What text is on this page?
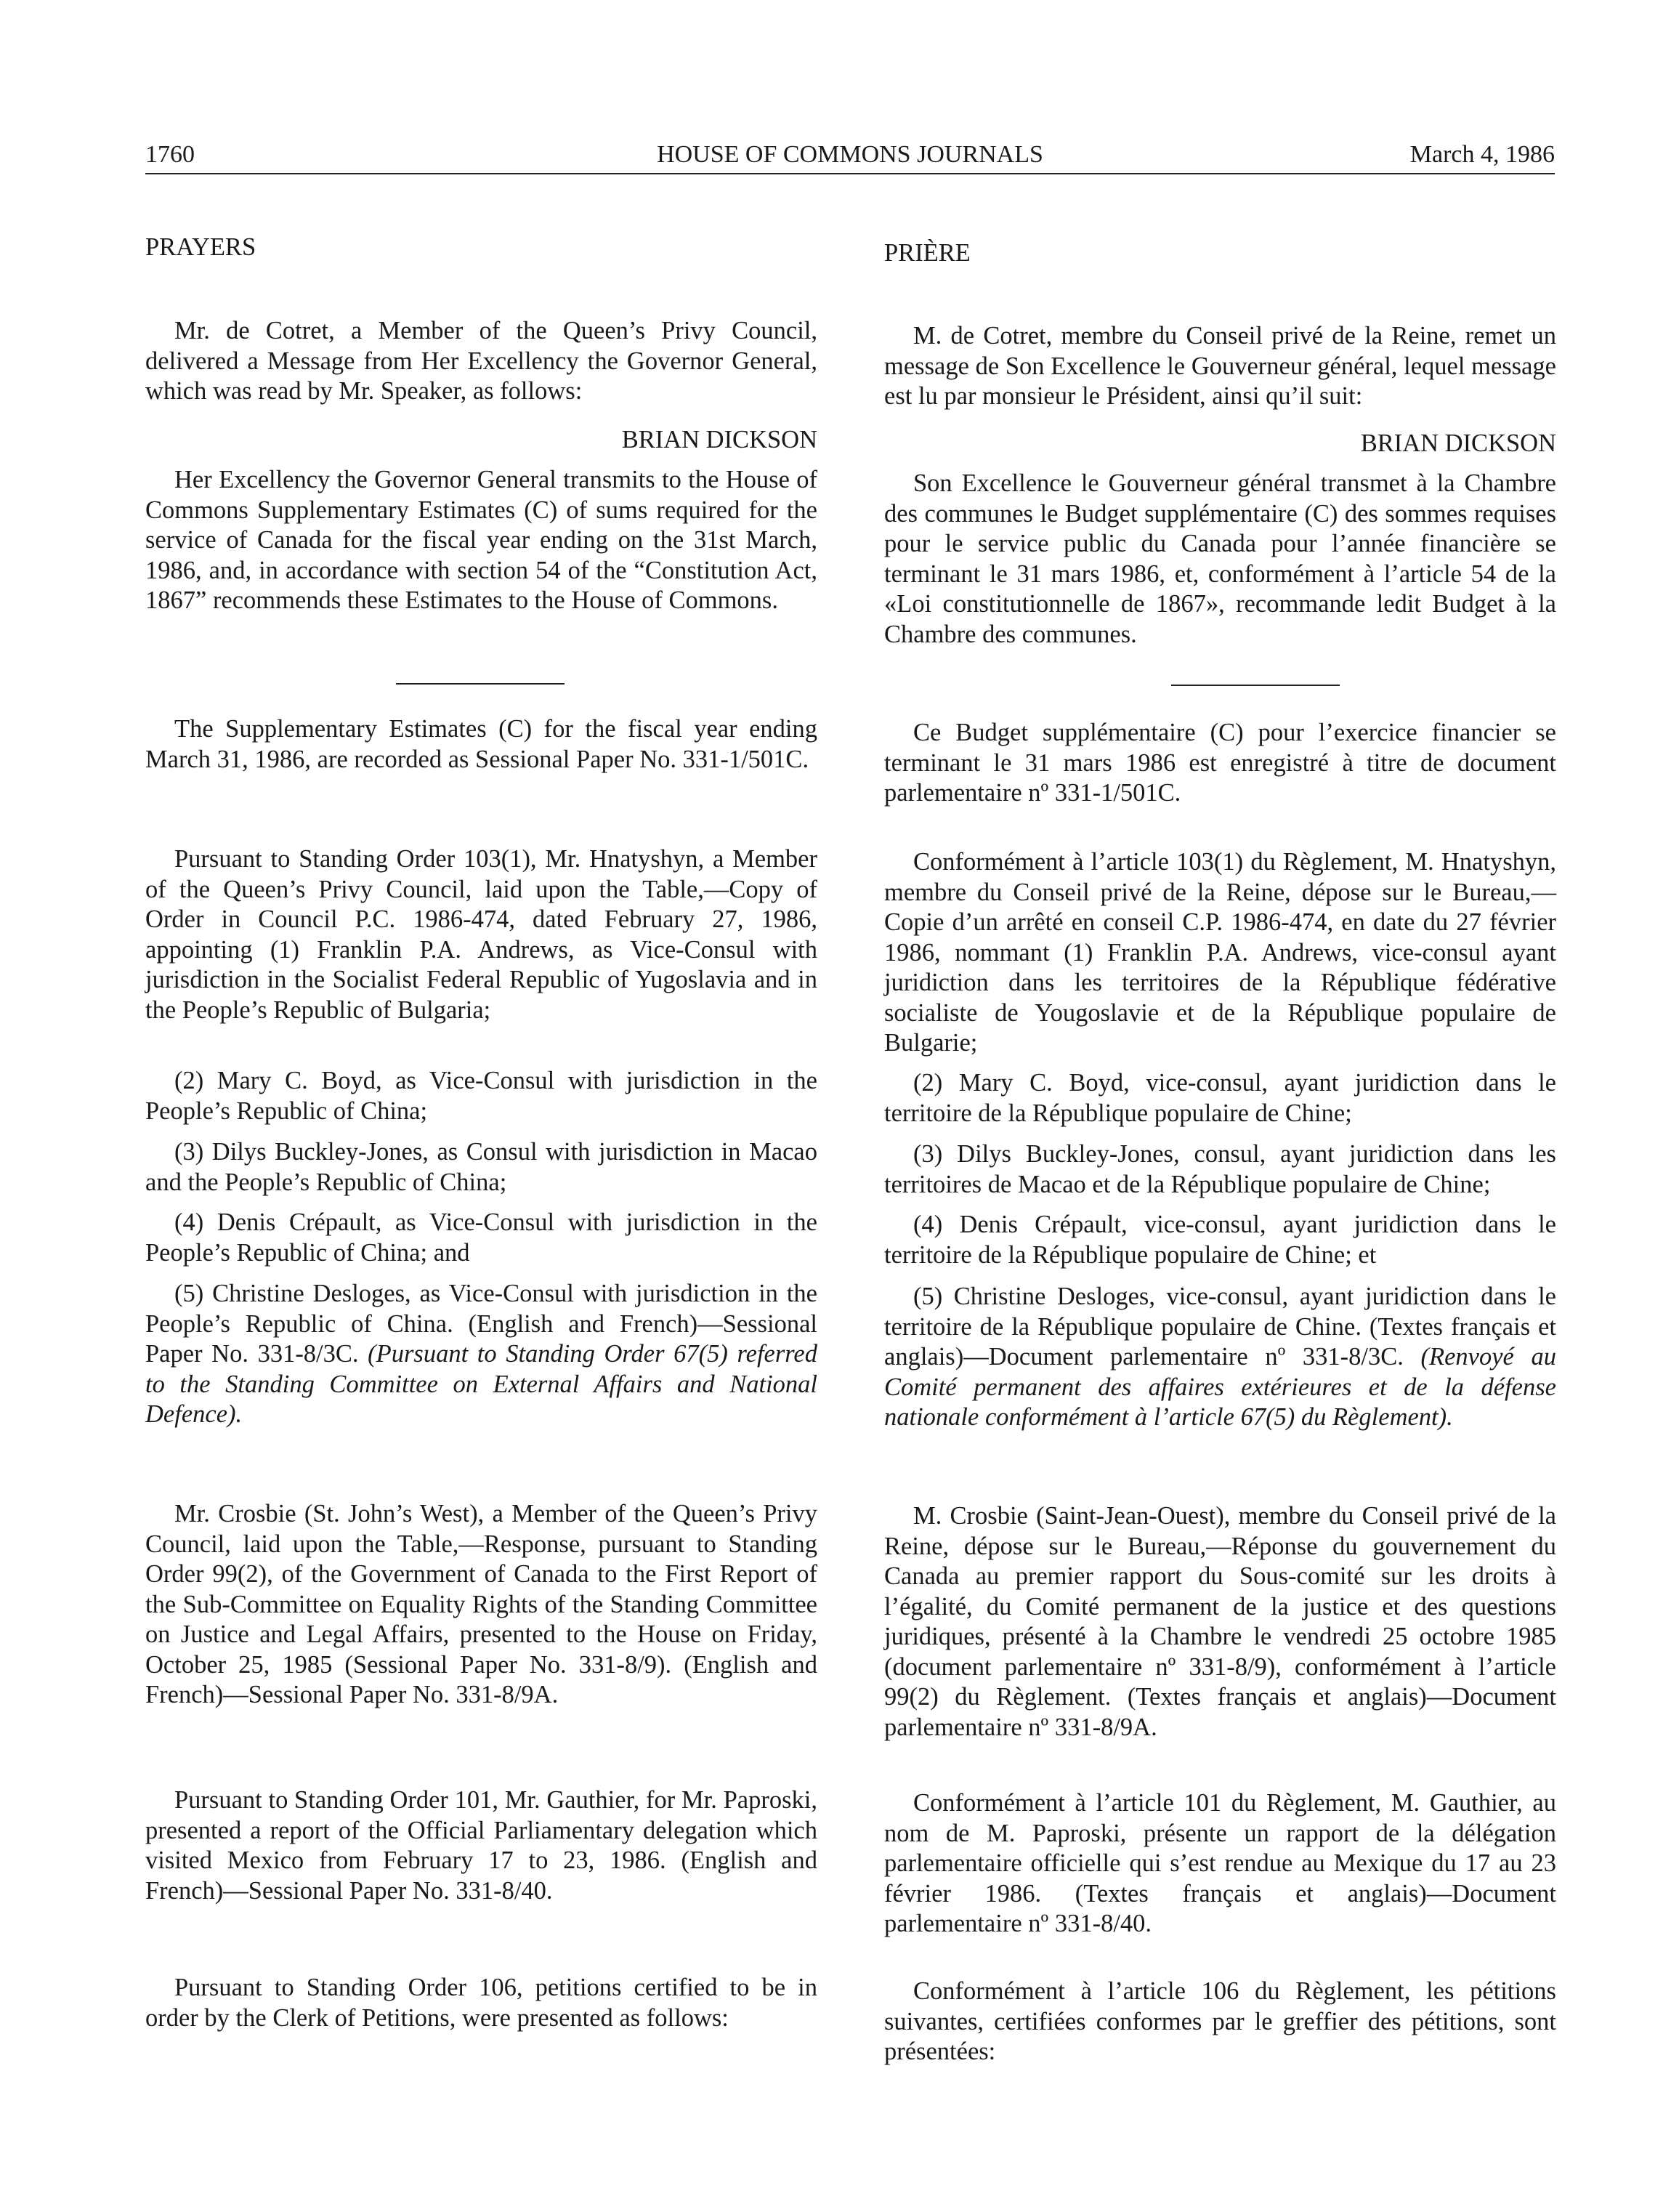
1760	HOUSE OF COMMONS JOURNALS	March 4, 1986

PRAYERS

Mr. de Cotret, a Member of the Queen’s Privy Council, delivered a Message from Her Excellency the Governor General, which was read by Mr. Speaker, as follows:

BRIAN DICKSON

Her Excellency the Governor General transmits to the House of Commons Supplementary Estimates (C) of sums required for the service of Canada for the fiscal year ending on the 31st March, 1986, and, in accordance with section 54 of the “Constitution Act, 1867” recommends these Estimates to the House of Commons.

The Supplementary Estimates (C) for the fiscal year ending March 31, 1986, are recorded as Sessional Paper No. 331-1/501C.

Pursuant to Standing Order 103(1), Mr. Hnatyshyn, a Member of the Queen’s Privy Council, laid upon the Table,—Copy of Order in Council P.C. 1986-474, dated February 27, 1986, appointing (1) Franklin P.A. Andrews, as Vice-Consul with jurisdiction in the Socialist Federal Republic of Yugoslavia and in the People’s Republic of Bulgaria;

(2) Mary C. Boyd, as Vice-Consul with jurisdiction in the People’s Republic of China;

(3) Dilys Buckley-Jones, as Consul with jurisdiction in Macao and the People’s Republic of China;

(4) Denis Crépault, as Vice-Consul with jurisdiction in the People’s Republic of China; and

(5) Christine Desloges, as Vice-Consul with jurisdiction in the People’s Republic of China. (English and French)—Sessional Paper No. 331-8/3C. (Pursuant to Standing Order 67(5) referred to the Standing Committee on External Affairs and National Defence).

Mr. Crosbie (St. John’s West), a Member of the Queen’s Privy Council, laid upon the Table,—Response, pursuant to Standing Order 99(2), of the Government of Canada to the First Report of the Sub-Committee on Equality Rights of the Standing Committee on Justice and Legal Affairs, presented to the House on Friday, October 25, 1985 (Sessional Paper No. 331-8/9). (English and French)—Sessional Paper No. 331-8/9A.

Pursuant to Standing Order 101, Mr. Gauthier, for Mr. Paproski, presented a report of the Official Parliamentary delegation which visited Mexico from February 17 to 23, 1986. (English and French)—Sessional Paper No. 331-8/40.

Pursuant to Standing Order 106, petitions certified to be in order by the Clerk of Petitions, were presented as follows:

PRIÈRE

M. de Cotret, membre du Conseil privé de la Reine, remet un message de Son Excellence le Gouverneur général, lequel message est lu par monsieur le Président, ainsi qu’il suit:

BRIAN DICKSON

Son Excellence le Gouverneur général transmet à la Chambre des communes le Budget supplémentaire (C) des sommes requises pour le service public du Canada pour l’année financière se terminant le 31 mars 1986, et, conformément à l’article 54 de la «Loi constitutionnelle de 1867», recommande ledit Budget à la Chambre des communes.

Ce Budget supplémentaire (C) pour l’exercice financier se terminant le 31 mars 1986 est enregistré à titre de document parlementaire nº 331-1/501C.

Conformément à l’article 103(1) du Règlement, M. Hnatyshyn, membre du Conseil privé de la Reine, dépose sur le Bureau,—Copie d’un arrêté en conseil C.P. 1986-474, en date du 27 février 1986, nommant (1) Franklin P.A. Andrews, vice-consul ayant juridiction dans les territoires de la République fédérative socialiste de Yougoslavie et de la République populaire de Bulgarie;

(2) Mary C. Boyd, vice-consul, ayant juridiction dans le territoire de la République populaire de Chine;

(3) Dilys Buckley-Jones, consul, ayant juridiction dans les territoires de Macao et de la République populaire de Chine;

(4) Denis Crépault, vice-consul, ayant juridiction dans le territoire de la République populaire de Chine; et

(5) Christine Desloges, vice-consul, ayant juridiction dans le territoire de la République populaire de Chine. (Textes français et anglais)—Document parlementaire nº 331-8/3C. (Renvoyé au Comité permanent des affaires extérieures et de la défense nationale conformément à l’article 67(5) du Règlement).

M. Crosbie (Saint-Jean-Ouest), membre du Conseil privé de la Reine, dépose sur le Bureau,—Réponse du gouvernement du Canada au premier rapport du Sous-comité sur les droits à l’égalité, du Comité permanent de la justice et des questions juridiques, présenté à la Chambre le vendredi 25 octobre 1985 (document parlementaire nº 331-8/9), conformément à l’article 99(2) du Règlement. (Textes français et anglais)—Document parlementaire nº 331-8/9A.

Conformément à l’article 101 du Règlement, M. Gauthier, au nom de M. Paproski, présente un rapport de la délégation parlementaire officielle qui s’est rendue au Mexique du 17 au 23 février 1986. (Textes français et anglais)—Document parlementaire nº 331-8/40.

Conformément à l’article 106 du Règlement, les pétitions suivantes, certifiées conformes par le greffier des pétitions, sont présentées:
